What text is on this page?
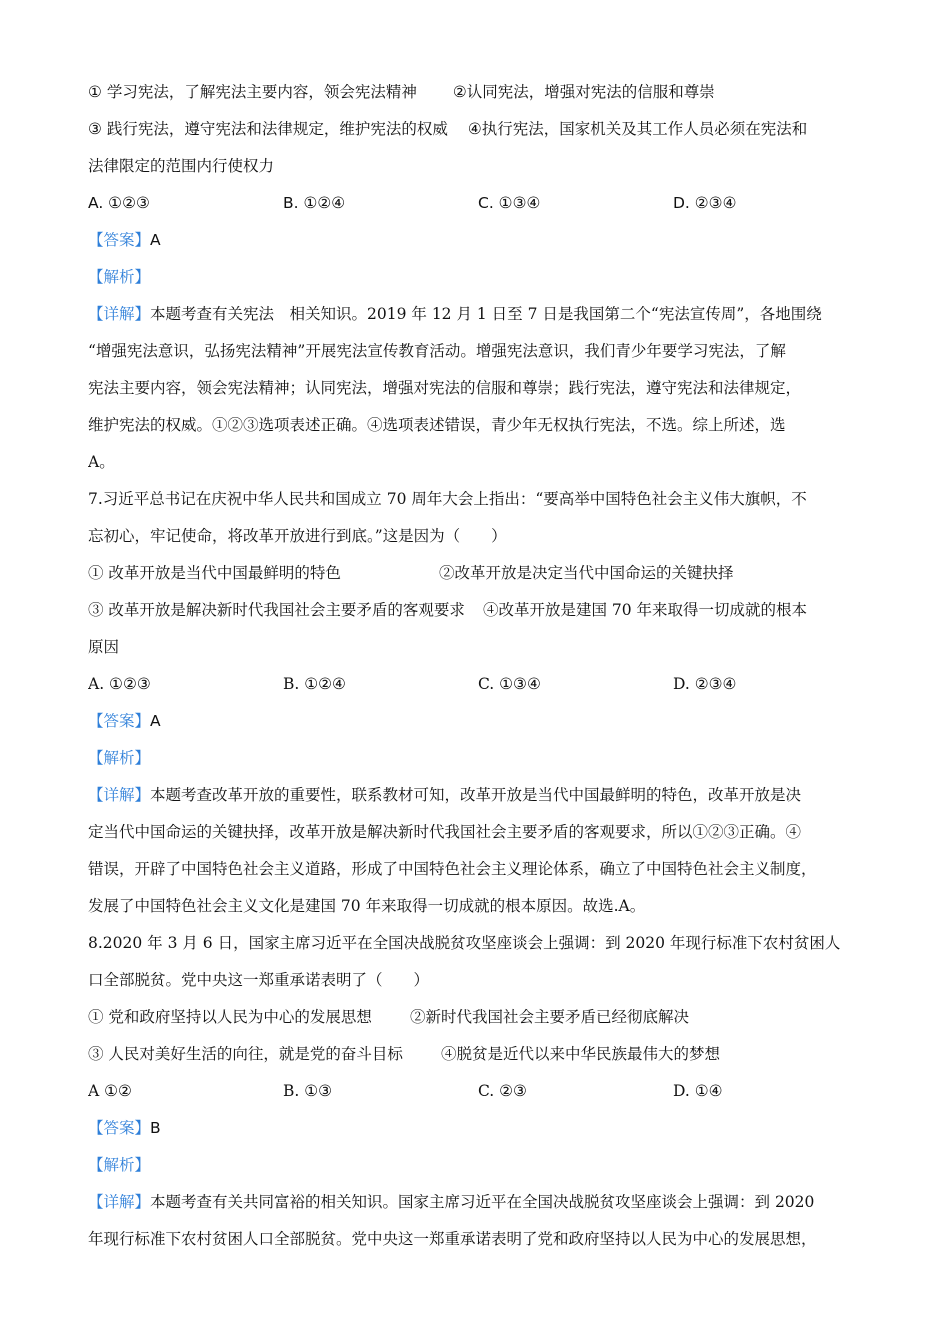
① 学习宪法，了解宪法主要内容，领会宪法精神 ②认同宪法，增强对宪法的信服和尊崇
③ 践行宪法，遵守宪法和法律规定，维护宪法的权威 ④执行宪法，国家机关及其工作人员必须在宪法和
法律限定的范围内行使权力
A. ①②③	B. ①②④	C. ①③④	D. ②③④
【答案】A
【解析】
【详解】本题考查有关宪法　相关知识。2019 年 12 月 1 日至 7 日是我国第二个“宪法宣传周”，各地围绕
“增强宪法意识，弘扬宪法精神”开展宪法宣传教育活动。增强宪法意识，我们青少年要学习宪法，了解
宪法主要内容，领会宪法精神；认同宪法，增强对宪法的信服和尊崇；践行宪法，遵守宪法和法律规定，
维护宪法的权威。①②③选项表述正确。④选项表述错误，青少年无权执行宪法，不选。综上所述，选
A。
7.习近平总书记在庆祝中华人民共和国成立 70 周年大会上指出：“要高举中国特色社会主义伟大旗帜，不
忘初心，牢记使命，将改革开放进行到底。”这是因为（　　）
① 改革开放是当代中国最鲜明的特色	②改革开放是决定当代中国命运的关键抉择
③ 改革开放是解决新时代我国社会主要矛盾的客观要求 ④改革开放是建国 70 年来取得一切成就的根本
原因
A. ①②③	B. ①②④	C. ①③④	D. ②③④
【答案】A
【解析】
【详解】本题考查改革开放的重要性，联系教材可知，改革开放是当代中国最鲜明的特色，改革开放是决
定当代中国命运的关键抉择，改革开放是解决新时代我国社会主要矛盾的客观要求，所以①②③正确。④
错误，开辟了中国特色社会主义道路，形成了中国特色社会主义理论体系，确立了中国特色社会主义制度，
发展了中国特色社会主义文化是建国 70 年来取得一切成就的根本原因。故选.A。
8.2020 年 3 月 6 日，国家主席习近平在全国决战脱贫攻坚座谈会上强调：到 2020 年现行标准下农村贫困人
口全部脱贫。党中央这一郑重承诺表明了（　　）
① 党和政府坚持以人民为中心的发展思想 ②新时代我国社会主要矛盾已经彻底解决
③ 人民对美好生活的向往，就是党的奋斗目标 ④脱贫是近代以来中华民族最伟大的梦想
A ①②	B. ①③	C. ②③	D. ①④
【答案】B
【解析】
【详解】本题考查有关共同富裕的相关知识。国家主席习近平在全国决战脱贫攻坚座谈会上强调：到 2020
年现行标准下农村贫困人口全部脱贫。党中央这一郑重承诺表明了党和政府坚持以人民为中心的发展思想，
